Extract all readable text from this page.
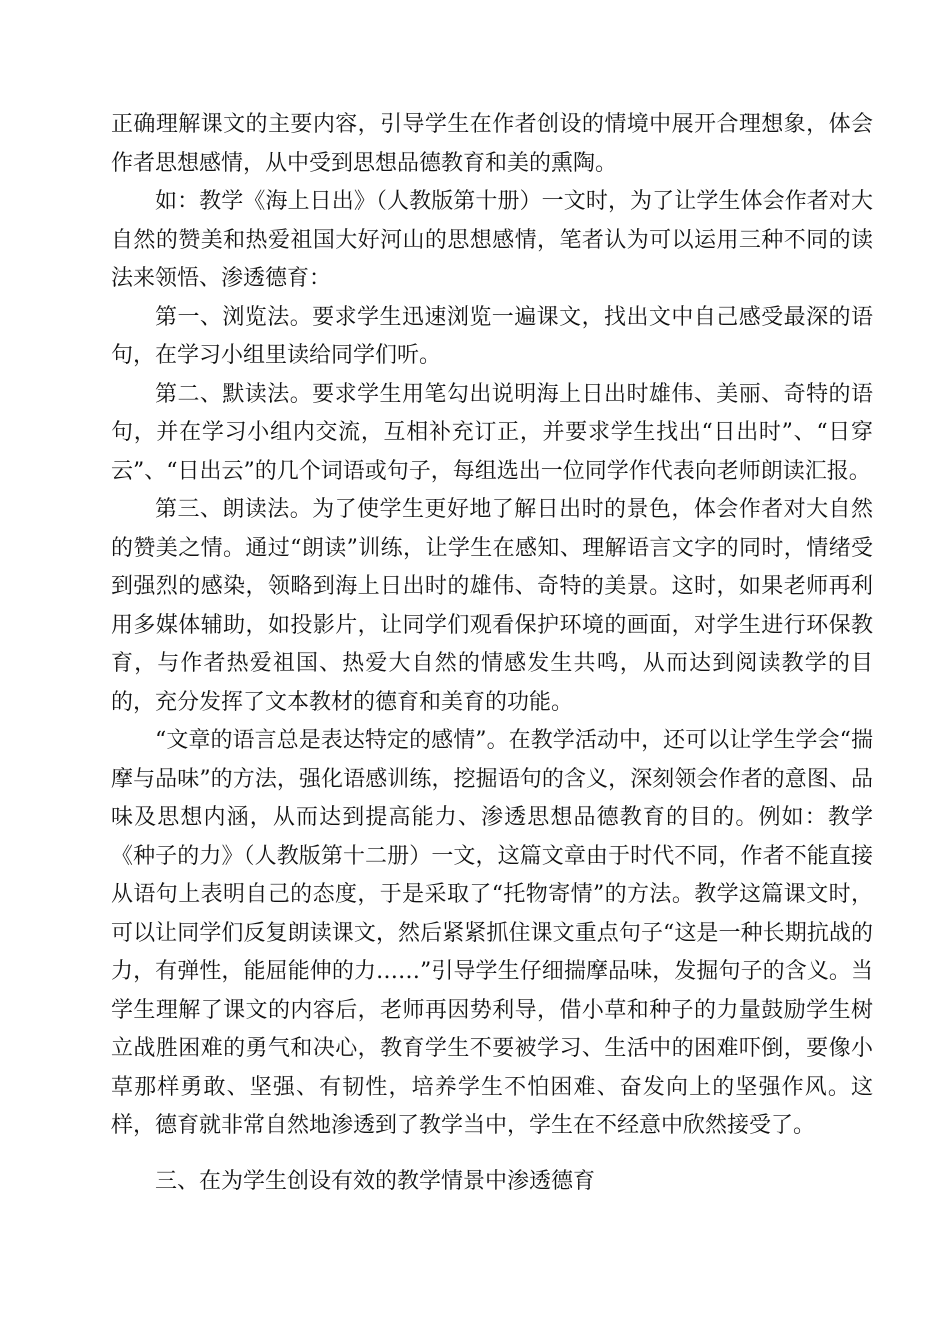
正确理解课文的主要内容，引导学生在作者创设的情境中展开合理想象，体会作者思想感情，从中受到思想品德教育和美的熏陶。

如：教学《海上日出》（人教版第十册）一文时，为了让学生体会作者对大自然的赞美和热爱祖国大好河山的思想感情，笔者认为可以运用三种不同的读法来领悟、渗透德育：

第一、浏览法。要求学生迅速浏览一遍课文，找出文中自己感受最深的语句，在学习小组里读给同学们听。

第二、默读法。要求学生用笔勾出说明海上日出时雄伟、美丽、奇特的语句，并在学习小组内交流，互相补充订正，并要求学生找出“日出时”、“日穿云”、“日出云”的几个词语或句子，每组选出一位同学作代表向老师朗读汇报。

第三、朗读法。为了使学生更好地了解日出时的景色，体会作者对大自然的赞美之情。通过“朗读”训练，让学生在感知、理解语言文字的同时，情绪受到强烈的感染，领略到海上日出时的雄伟、奇特的美景。这时，如果老师再利用多媒体辅助，如投影片，让同学们观看保护环境的画面，对学生进行环保教育，与作者热爱祖国、热爱大自然的情感发生共鸣，从而达到阅读教学的目的，充分发挥了文本教材的德育和美育的功能。

“文章的语言总是表达特定的感情”。在教学活动中，还可以让学生学会“揣摩与品味”的方法，强化语感训练，挖掘语句的含义，深刻领会作者的意图、品味及思想内涵，从而达到提高能力、渗透思想品德教育的目的。例如：教学《种子的力》（人教版第十二册）一文，这篇文章由于时代不同，作者不能直接从语句上表明自己的态度，于是采取了“托物寄情”的方法。教学这篇课文时，可以让同学们反复朗读课文，然后紧紧抓住课文重点句子“这是一种长期抗战的力，有弹性，能屈能伸的力……”引导学生仔细揣摩品味，发掘句子的含义。当学生理解了课文的内容后，老师再因势利导，借小草和种子的力量鼓励学生树立战胜困难的勇气和决心，教育学生不要被学习、生活中的困难吓倒，要像小草那样勇敢、坚强、有韧性，培养学生不怕困难、奋发向上的坚强作风。这样，德育就非常自然地渗透到了教学当中，学生在不经意中欣然接受了。

三、在为学生创设有效的教学情景中渗透德育
